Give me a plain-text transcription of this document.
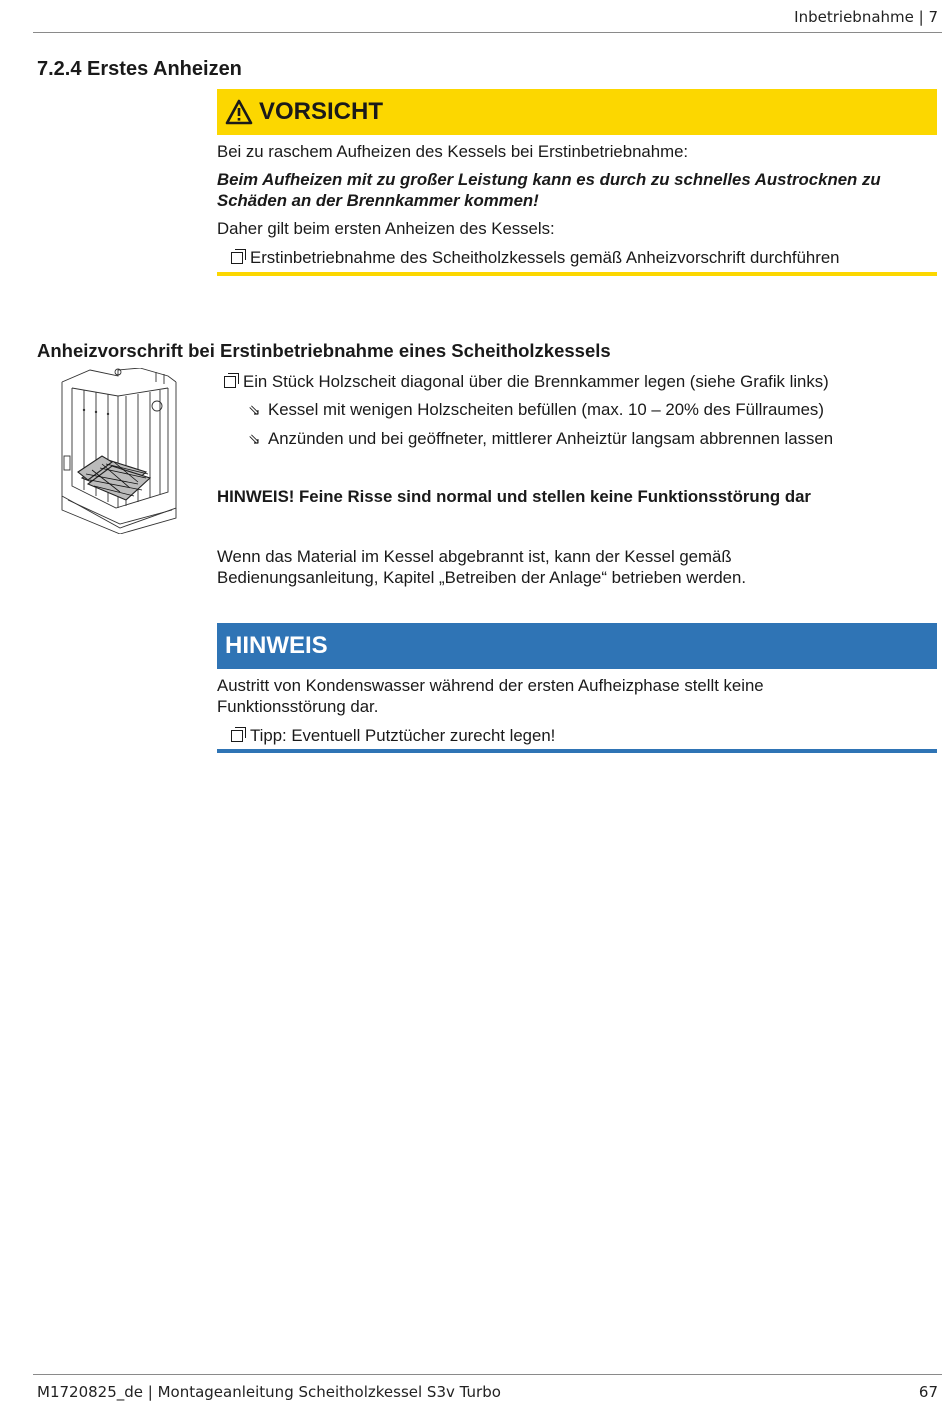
Inbetriebnahme | 7
7.2.4 Erstes Anheizen
VORSICHT
Bei zu raschem Aufheizen des Kessels bei Erstinbetriebnahme:
Beim Aufheizen mit zu großer Leistung kann es durch zu schnelles Austrocknen zu
Schäden an der Brennkammer kommen!
Daher gilt beim ersten Anheizen des Kessels:
Erstinbetriebnahme des Scheitholzkessels gemäß Anheizvorschrift durchführen
Anheizvorschrift bei Erstinbetriebnahme eines Scheitholzkessels
Ein Stück Holzscheit diagonal über die Brennkammer legen (siehe Grafik links)
⇘ Kessel mit wenigen Holzscheiten befüllen (max. 10 – 20% des Füllraumes)
⇘ Anzünden und bei geöffneter, mittlerer Anheiztür langsam abbrennen lassen
HINWEIS! Feine Risse sind normal und stellen keine Funktionsstörung dar
Wenn das Material im Kessel abgebrannt ist, kann der Kessel gemäß
Bedienungsanleitung, Kapitel „Betreiben der Anlage“ betrieben werden.
HINWEIS
Austritt von Kondenswasser während der ersten Aufheizphase stellt keine
Funktionsstörung dar.
Tipp: Eventuell Putztücher zurecht legen!
M1720825_de | Montageanleitung Scheitholzkessel S3v Turbo	67
